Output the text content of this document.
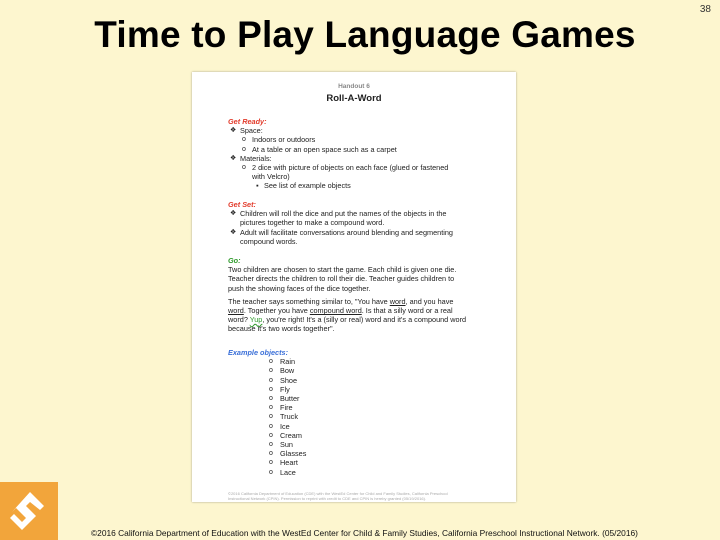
Time to Play Language Games
38
Handout 6
Roll-A-Word
Get Ready:
❖ Space:
o Indoors or outdoors
o At a table or an open space such as a carpet
❖ Materials:
o 2 dice with picture of objects on each face (glued or fastened
with Velcro)
▪ See list of example objects
Get Set:
❖ Children will roll the dice and put the names of the objects in the
pictures together to make a compound word.
❖ Adult will facilitate conversations around blending and segmenting
compound words.
Go:
Two children are chosen to start the game. Each child is given one die.
Teacher directs the children to roll their die. Teacher guides children to
push the showing faces of the dice together.
The teacher says something similar to, "You have word, and you have
word. Together you have compound word. Is that a silly word or a real
word? Yup, you're right! It's a (silly or real) word and it's a compound word
because it's two words together".
Example objects:
o Rain
o Bow
o Shoe
o Fly
o Butter
o Fire
o Truck
o Ice
o Cream
o Sun
o Glasses
o Heart
o Lace
©2016 California Department of Education (CDE) with the WestEd Center for Child and Family Studies, California Preschool
Instructional Network (CPIN). Permission to reprint with credit to CDE and CPIN is hereby granted (05/19/2016).
©2016 California Department of Education with the WestEd Center for Child & Family Studies, California Preschool Instructional Network. (05/2016)
